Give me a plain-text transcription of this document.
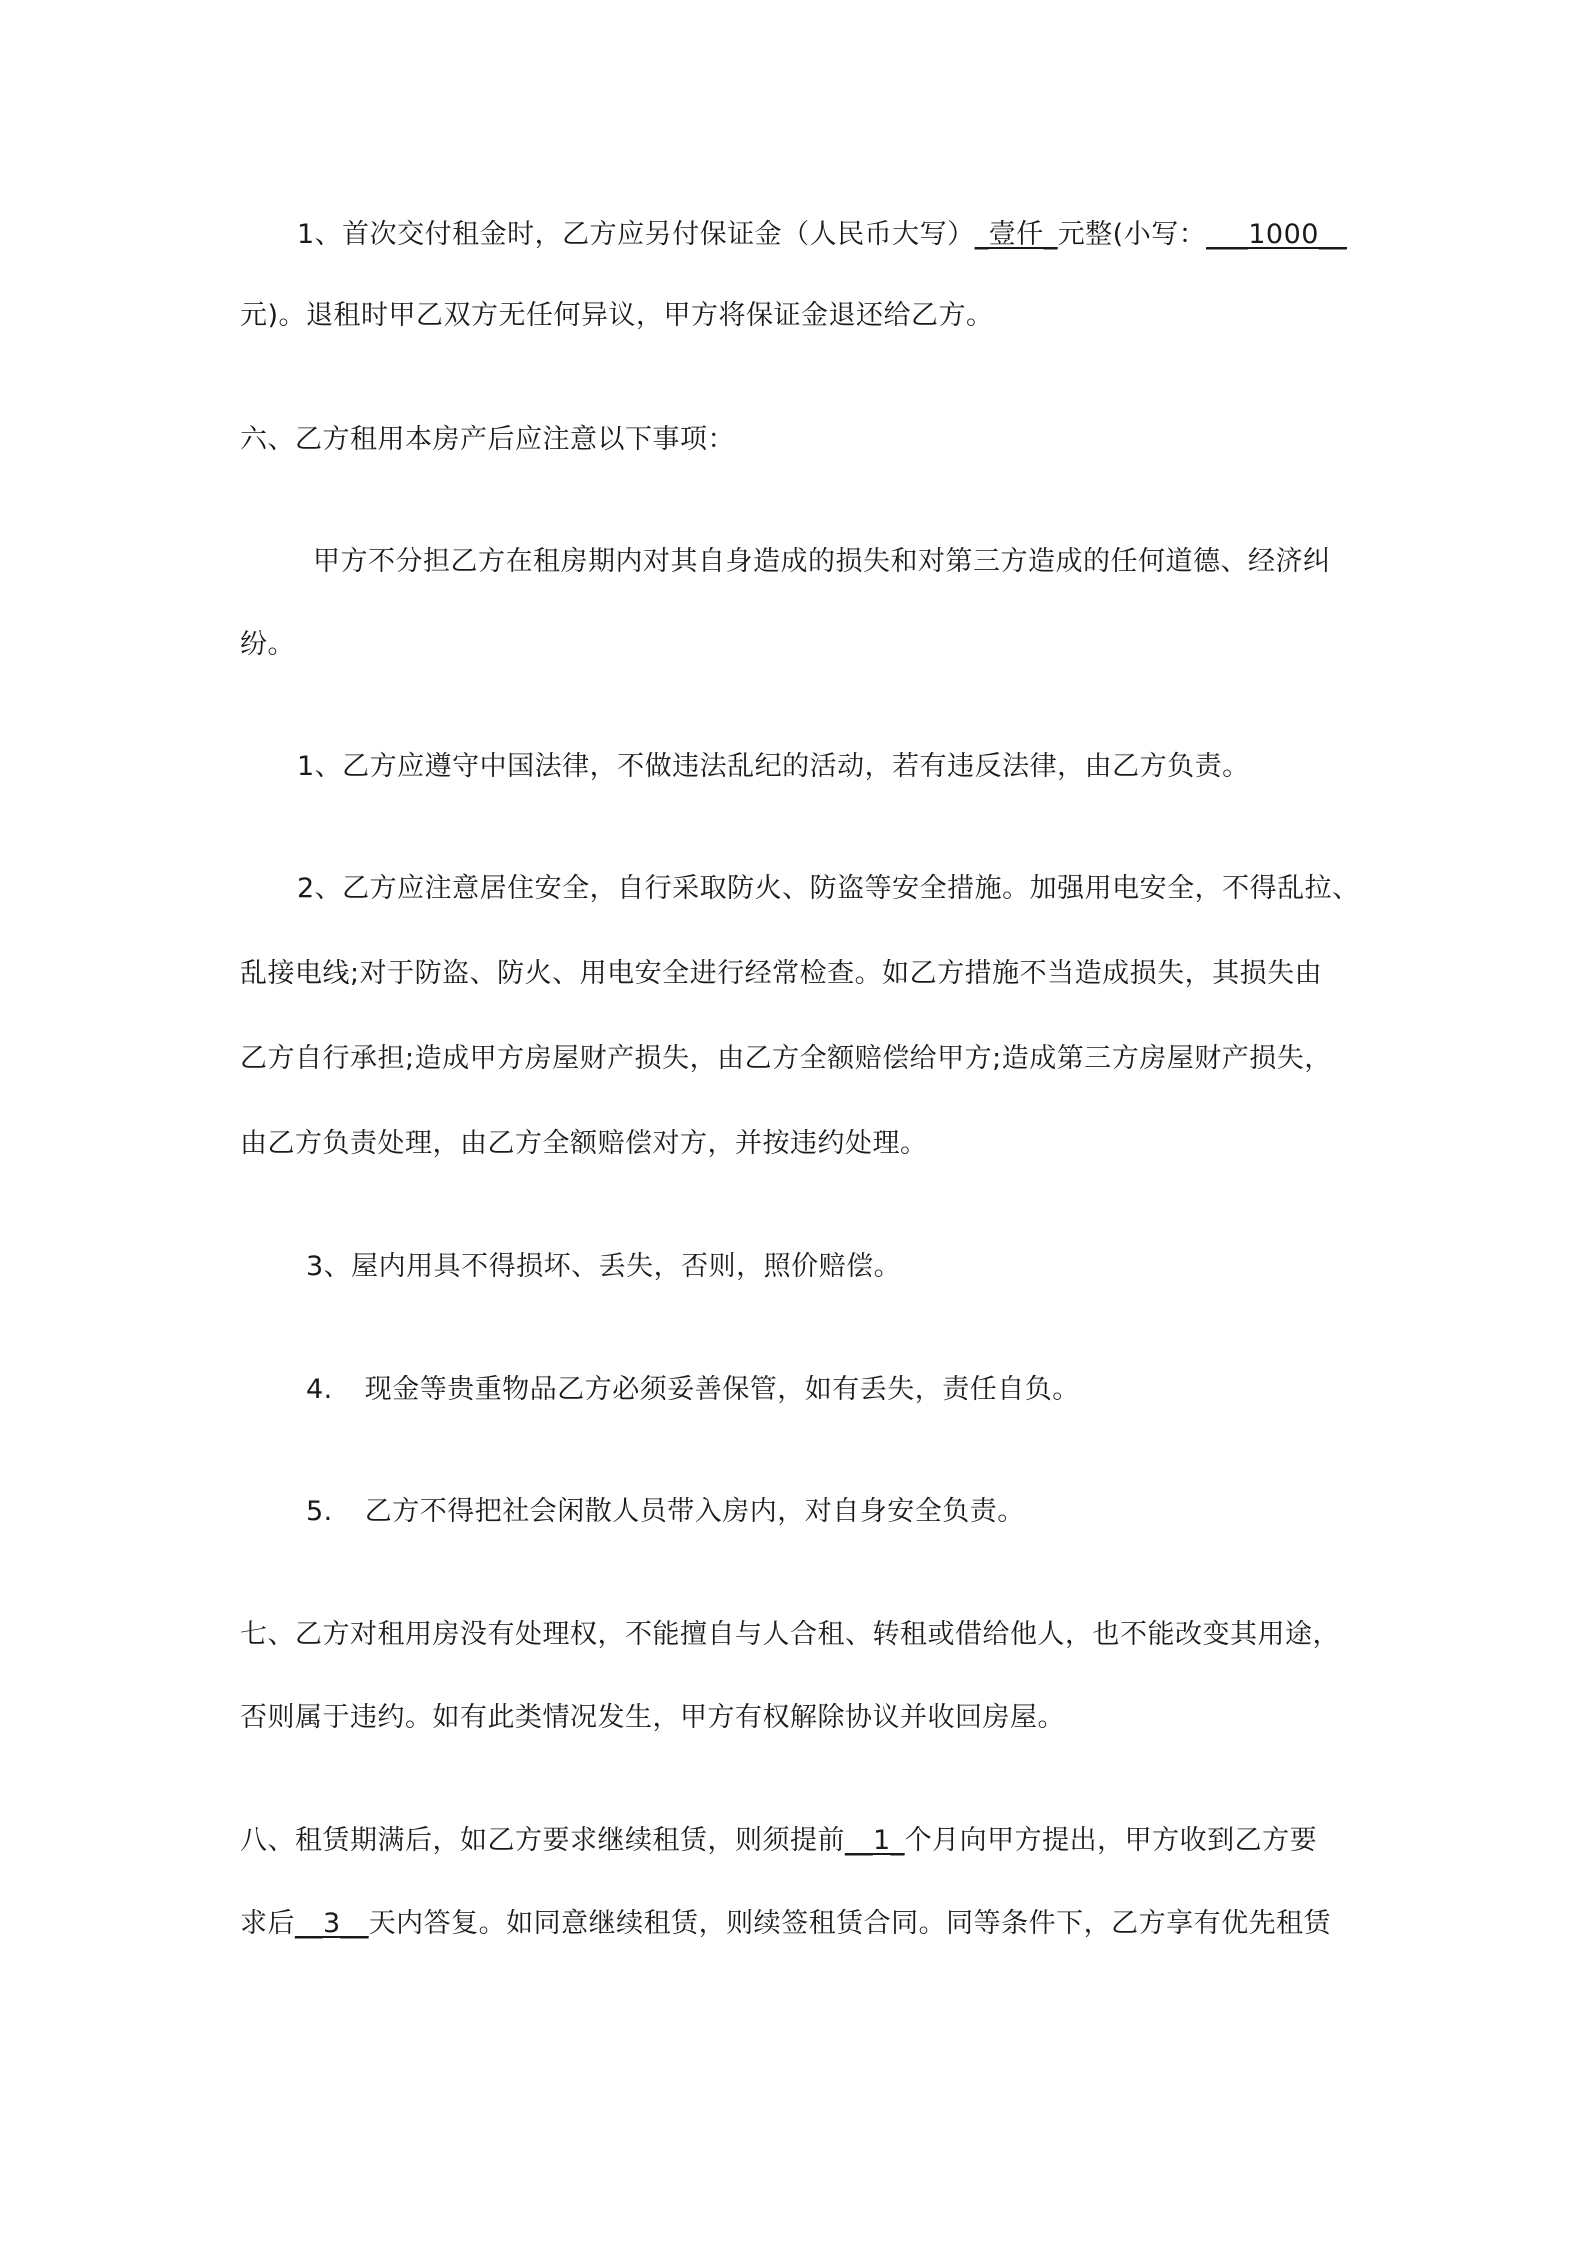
1、首次交付租金时，乙方应另付保证金（人民币大写）_壹仟_元整(小写：___1000__
元)。退租时甲乙双方无任何异议，甲方将保证金退还给乙方。
六、乙方租用本房产后应注意以下事项：
甲方不分担乙方在租房期内对其自身造成的损失和对第三方造成的任何道德、经济纠
纷。
1、乙方应遵守中国法律，不做违法乱纪的活动，若有违反法律，由乙方负责。
2、乙方应注意居住安全，自行采取防火、防盗等安全措施。加强用电安全，不得乱拉、
乱接电线;对于防盗、防火、用电安全进行经常检查。如乙方措施不当造成损失，其损失由
乙方自行承担;造成甲方房屋财产损失，由乙方全额赔偿给甲方;造成第三方房屋财产损失，
由乙方负责处理，由乙方全额赔偿对方，并按违约处理。
3、屋内用具不得损坏、丢失，否则，照价赔偿。
4. 现金等贵重物品乙方必须妥善保管，如有丢失，责任自负。
5. 乙方不得把社会闲散人员带入房内，对自身安全负责。
七、乙方对租用房没有处理权，不能擅自与人合租、转租或借给他人，也不能改变其用途，
否则属于违约。如有此类情况发生，甲方有权解除协议并收回房屋。
八、租赁期满后，如乙方要求继续租赁，则须提前__1_个月向甲方提出，甲方收到乙方要
求后__3__天内答复。如同意继续租赁，则续签租赁合同。同等条件下，乙方享有优先租赁
